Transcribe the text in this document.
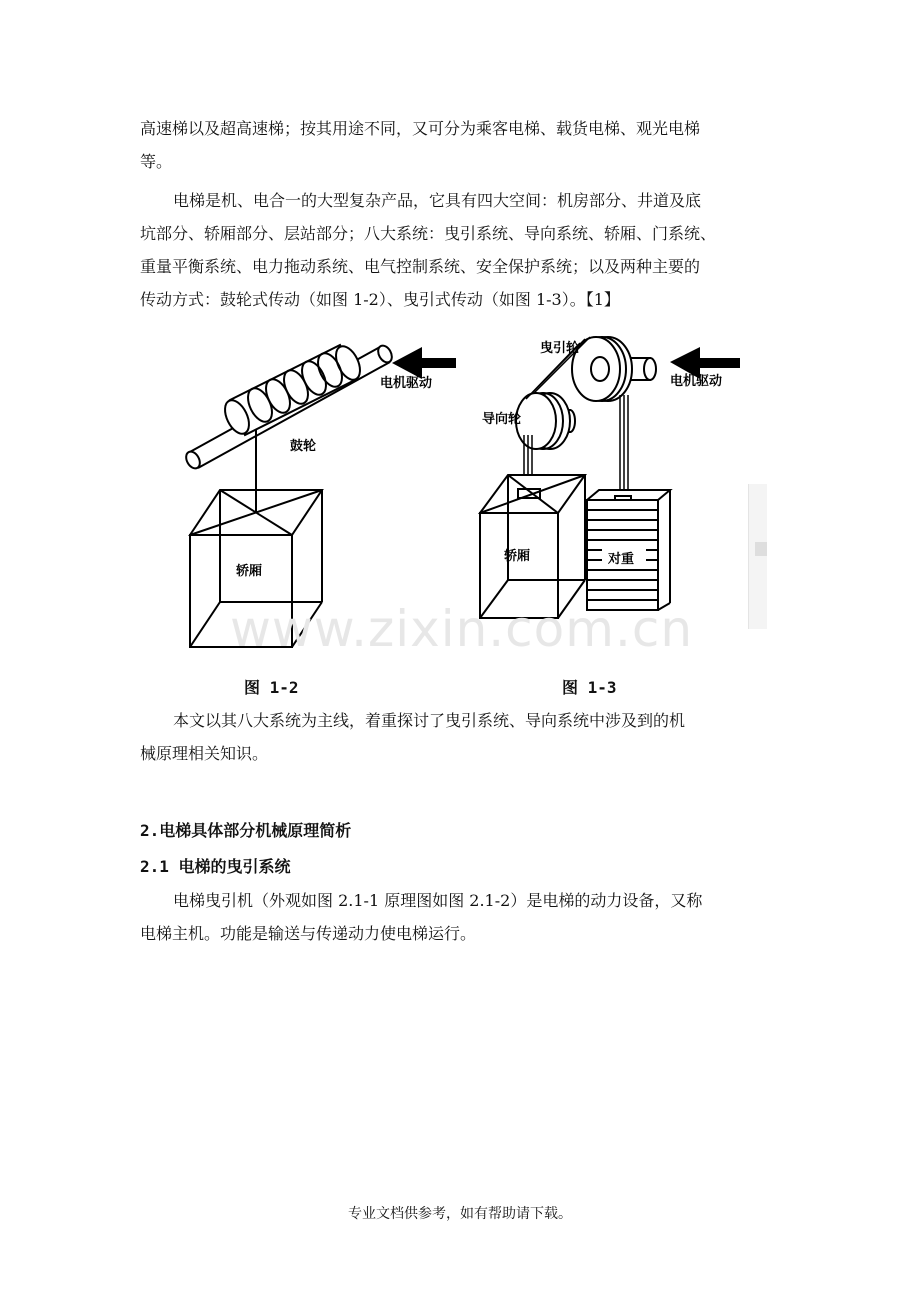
高速梯以及超高速梯；按其用途不同，又可分为乘客电梯、载货电梯、观光电梯
等。

电梯是机、电合一的大型复杂产品，它具有四大空间：机房部分、井道及底
坑部分、轿厢部分、层站部分；八大系统：曳引系统、导向系统、轿厢、门系统、
重量平衡系统、电力拖动系统、电气控制系统、安全保护系统；以及两种主要的
传动方式：鼓轮式传动（如图 1-2）、曳引式传动（如图 1-3）。【1】

电机驱动
鼓轮
轿厢
电机驱动
曳引轮
导向轮
轿厢	对重
www.zixin.com.cn
图 1-2	图 1-3

本文以其八大系统为主线，着重探讨了曳引系统、导向系统中涉及到的机
械原理相关知识。

2.电梯具体部分机械原理简析
2.1 电梯的曳引系统

电梯曳引机（外观如图 2.1-1 原理图如图 2.1-2）是电梯的动力设备，又称
电梯主机。功能是输送与传递动力使电梯运行。

专业文档供参考，如有帮助请下载。
